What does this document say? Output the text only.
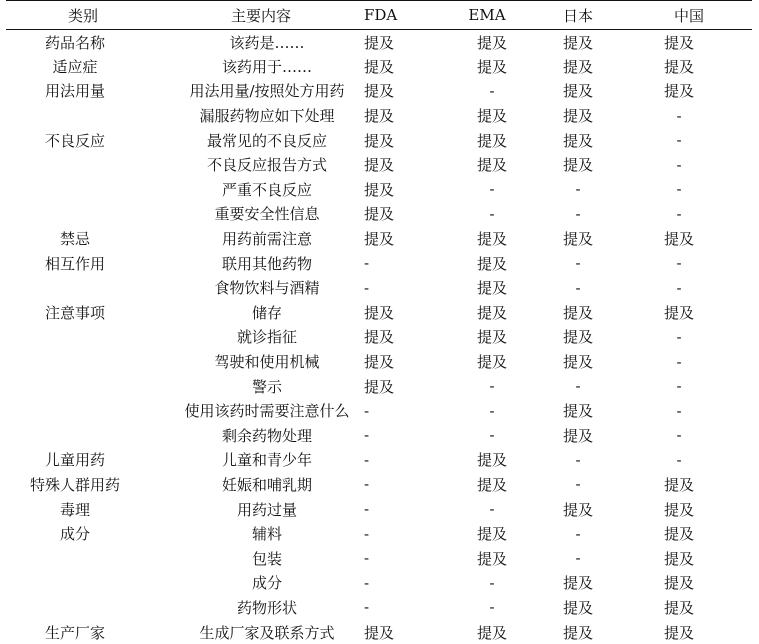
类别	主要内容	FDA	EMA	日本	中国
药品名称	该药是……	提及	提及	提及	提及
适应症	该药用于……	提及	提及	提及	提及
用法用量	用法用量/按照处方用药	提及	-	提及	提及
	漏服药物应如下处理	提及	提及	提及	-
不良反应	最常见的不良反应	提及	提及	提及	-
	不良反应报告方式	提及	提及	提及	-
	严重不良反应	提及	-	-	-
	重要安全性信息	提及	-	-	-
禁忌	用药前需注意	提及	提及	提及	提及
相互作用	联用其他药物	-	提及	-	-
	食物饮料与酒精	-	提及	-	-
注意事项	储存	提及	提及	提及	提及
	就诊指征	提及	提及	提及	-
	驾驶和使用机械	提及	提及	提及	-
	警示	提及	-	-	-
	使用该药时需要注意什么	-	-	提及	-
	剩余药物处理	-	-	提及	-
儿童用药	儿童和青少年	-	提及	-	-
特殊人群用药	妊娠和哺乳期	-	提及	-	提及
毒理	用药过量	-	-	提及	提及
成分	辅料	-	提及	-	提及
	包装	-	提及	-	提及
	成分	-	-	提及	提及
	药物形状	-	-	提及	提及
生产厂家	生成厂家及联系方式	提及	提及	提及	提及
